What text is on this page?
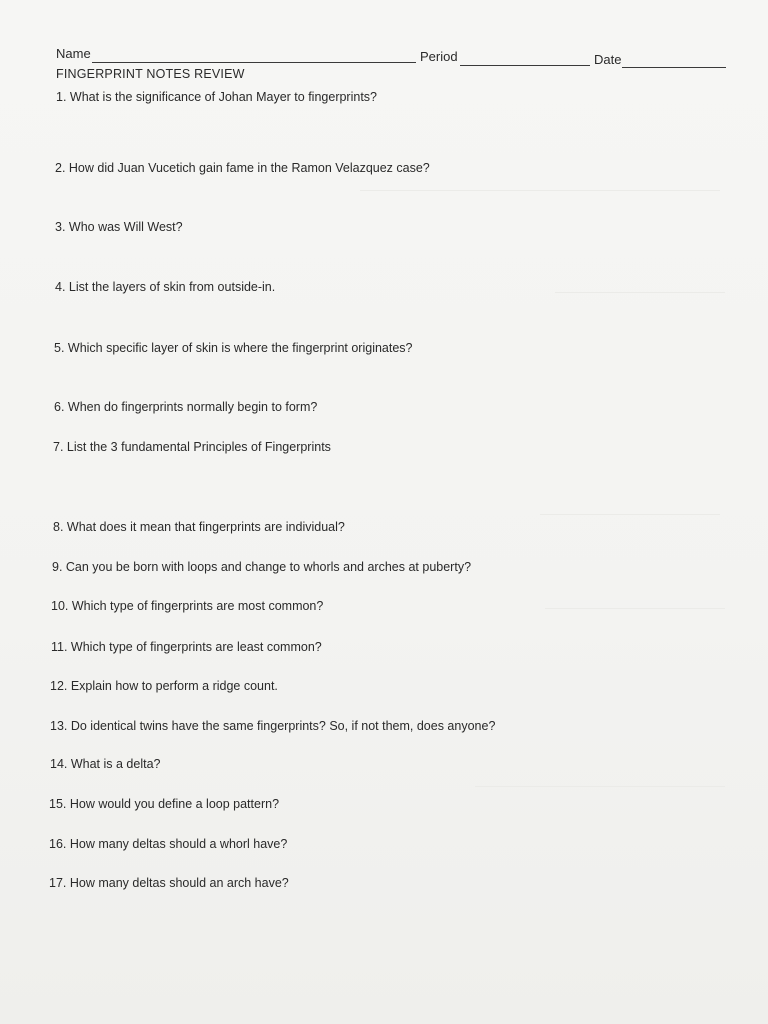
Name	Period	Date
FINGERPRINT NOTES REVIEW
1. What is the significance of Johan Mayer to fingerprints?
2. How did Juan Vucetich gain fame in the Ramon Velazquez case?
3. Who was Will West?
4. List the layers of skin from outside-in.
5. Which specific layer of skin is where the fingerprint originates?
6. When do fingerprints normally begin to form?
7. List the 3 fundamental Principles of Fingerprints
8. What does it mean that fingerprints are individual?
9. Can you be born with loops and change to whorls and arches at puberty?
10. Which type of fingerprints are most common?
11. Which type of fingerprints are least common?
12. Explain how to perform a ridge count.
13. Do identical twins have the same fingerprints? So, if not them, does anyone?
14. What is a delta?
15. How would you define a loop pattern?
16. How many deltas should a whorl have?
17. How many deltas should an arch have?
